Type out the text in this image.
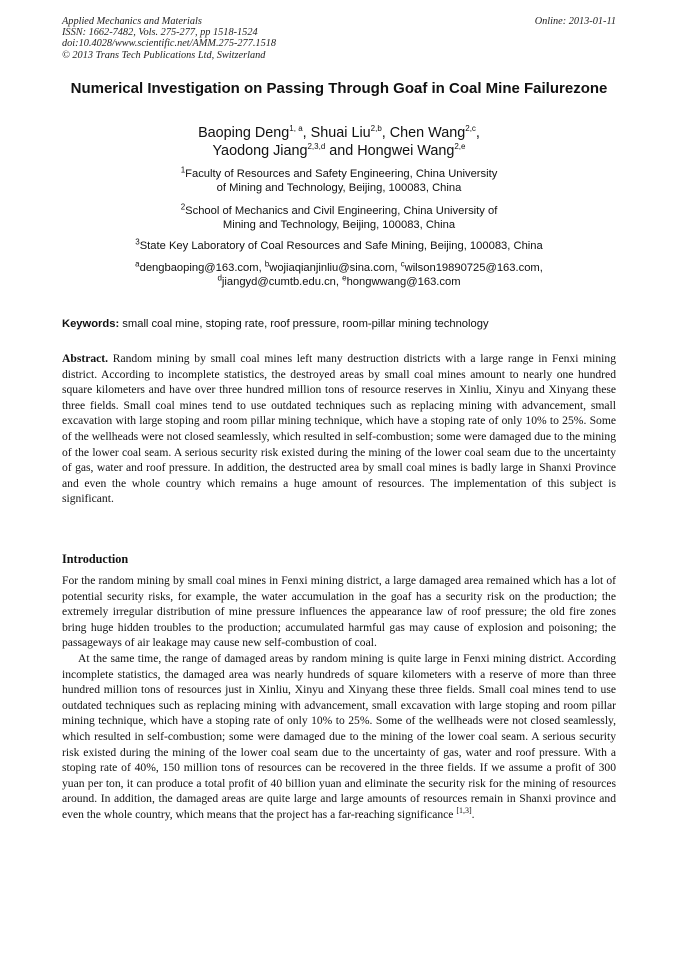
Applied Mechanics and Materials
ISSN: 1662-7482, Vols. 275-277, pp 1518-1524
doi:10.4028/www.scientific.net/AMM.275-277.1518
© 2013 Trans Tech Publications Ltd, Switzerland
Online: 2013-01-11
Numerical Investigation on Passing Through Goaf in Coal Mine Failurezone
Baoping Deng$^{1, a}$, Shuai Liu$^{2,b}$, Chen Wang$^{2,c}$,
Yaodong Jiang$^{2,3,d}$ and Hongwei Wang$^{2,e}$
$^1$Faculty of Resources and Safety Engineering, China University
of Mining and Technology, Beijing, 100083, China
$^2$School of Mechanics and Civil Engineering, China University of
Mining and Technology, Beijing, 100083, China
$^3$State Key Laboratory of Coal Resources and Safe Mining, Beijing, 100083, China
$^a$dengbaoping@163.com, $^b$wojiaqianjinliu@sina.com, $^c$wilson19890725@163.com,
$^d$jiangyd@cumtb.edu.cn, $^e$hongwwang@163.com
Keywords: small coal mine, stoping rate, roof pressure, room-pillar mining technology

Abstract. Random mining by small coal mines left many destruction districts with a large range in Fenxi mining district. According to incomplete statistics, the destroyed areas by small coal mines amount to nearly one hundred square kilometers and have over three hundred million tons of resource reserves in Xinliu, Xinyu and Xinyang these three fields. Small coal mines tend to use outdated techniques such as replacing mining with advancement, small excavation with large stoping and room pillar mining technique, which have a stoping rate of only 10% to 25%. Some of the wellheads were not closed seamlessly, which resulted in self-combustion; some were damaged due to the mining of the lower coal seam. A serious security risk existed during the mining of the lower coal seam due to the uncertainty of gas, water and roof pressure. In addition, the destructed area by small coal mines is badly large in Shanxi Province and even the whole country which remains a huge amount of resources. The implementation of this subject is significant.

Introduction

For the random mining by small coal mines in Fenxi mining district, a large damaged area remained which has a lot of potential security risks, for example, the water accumulation in the goaf has a security risk on the production; the extremely irregular distribution of mine pressure influences the appearance law of roof pressure; the old fire zones bring huge hidden troubles to the production; accumulated harmful gas may cause of explosion and poisoning; the passageways of air leakage may cause new self-combustion of coal.

At the same time, the range of damaged areas by random mining is quite large in Fenxi mining district. According incomplete statistics, the damaged area was nearly hundreds of square kilometers with a reserve of more than three hundred million tons of resources just in Xinliu, Xinyu and Xinyang these three fields. Small coal mines tend to use outdated techniques such as replacing mining with advancement, small excavation with large stoping and room pillar mining technique, which have a stoping rate of only 10% to 25%. Some of the wellheads were not closed seamlessly, which resulted in self-combustion; some were damaged due to the mining of the lower coal seam. A serious security risk existed during the mining of the lower coal seam due to the uncertainty of gas, water and roof pressure. With a stoping rate of 40%, 150 million tons of resources can be recovered in the three fields. If we assume a profit of 300 yuan per ton, it can produce a total profit of 40 billion yuan and eliminate the security risk for the mining of resources around. In addition, the damaged areas are quite large and large amounts of resources remain in Shanxi province and even the whole country, which means that the project has a far-reaching significance [1,3].
